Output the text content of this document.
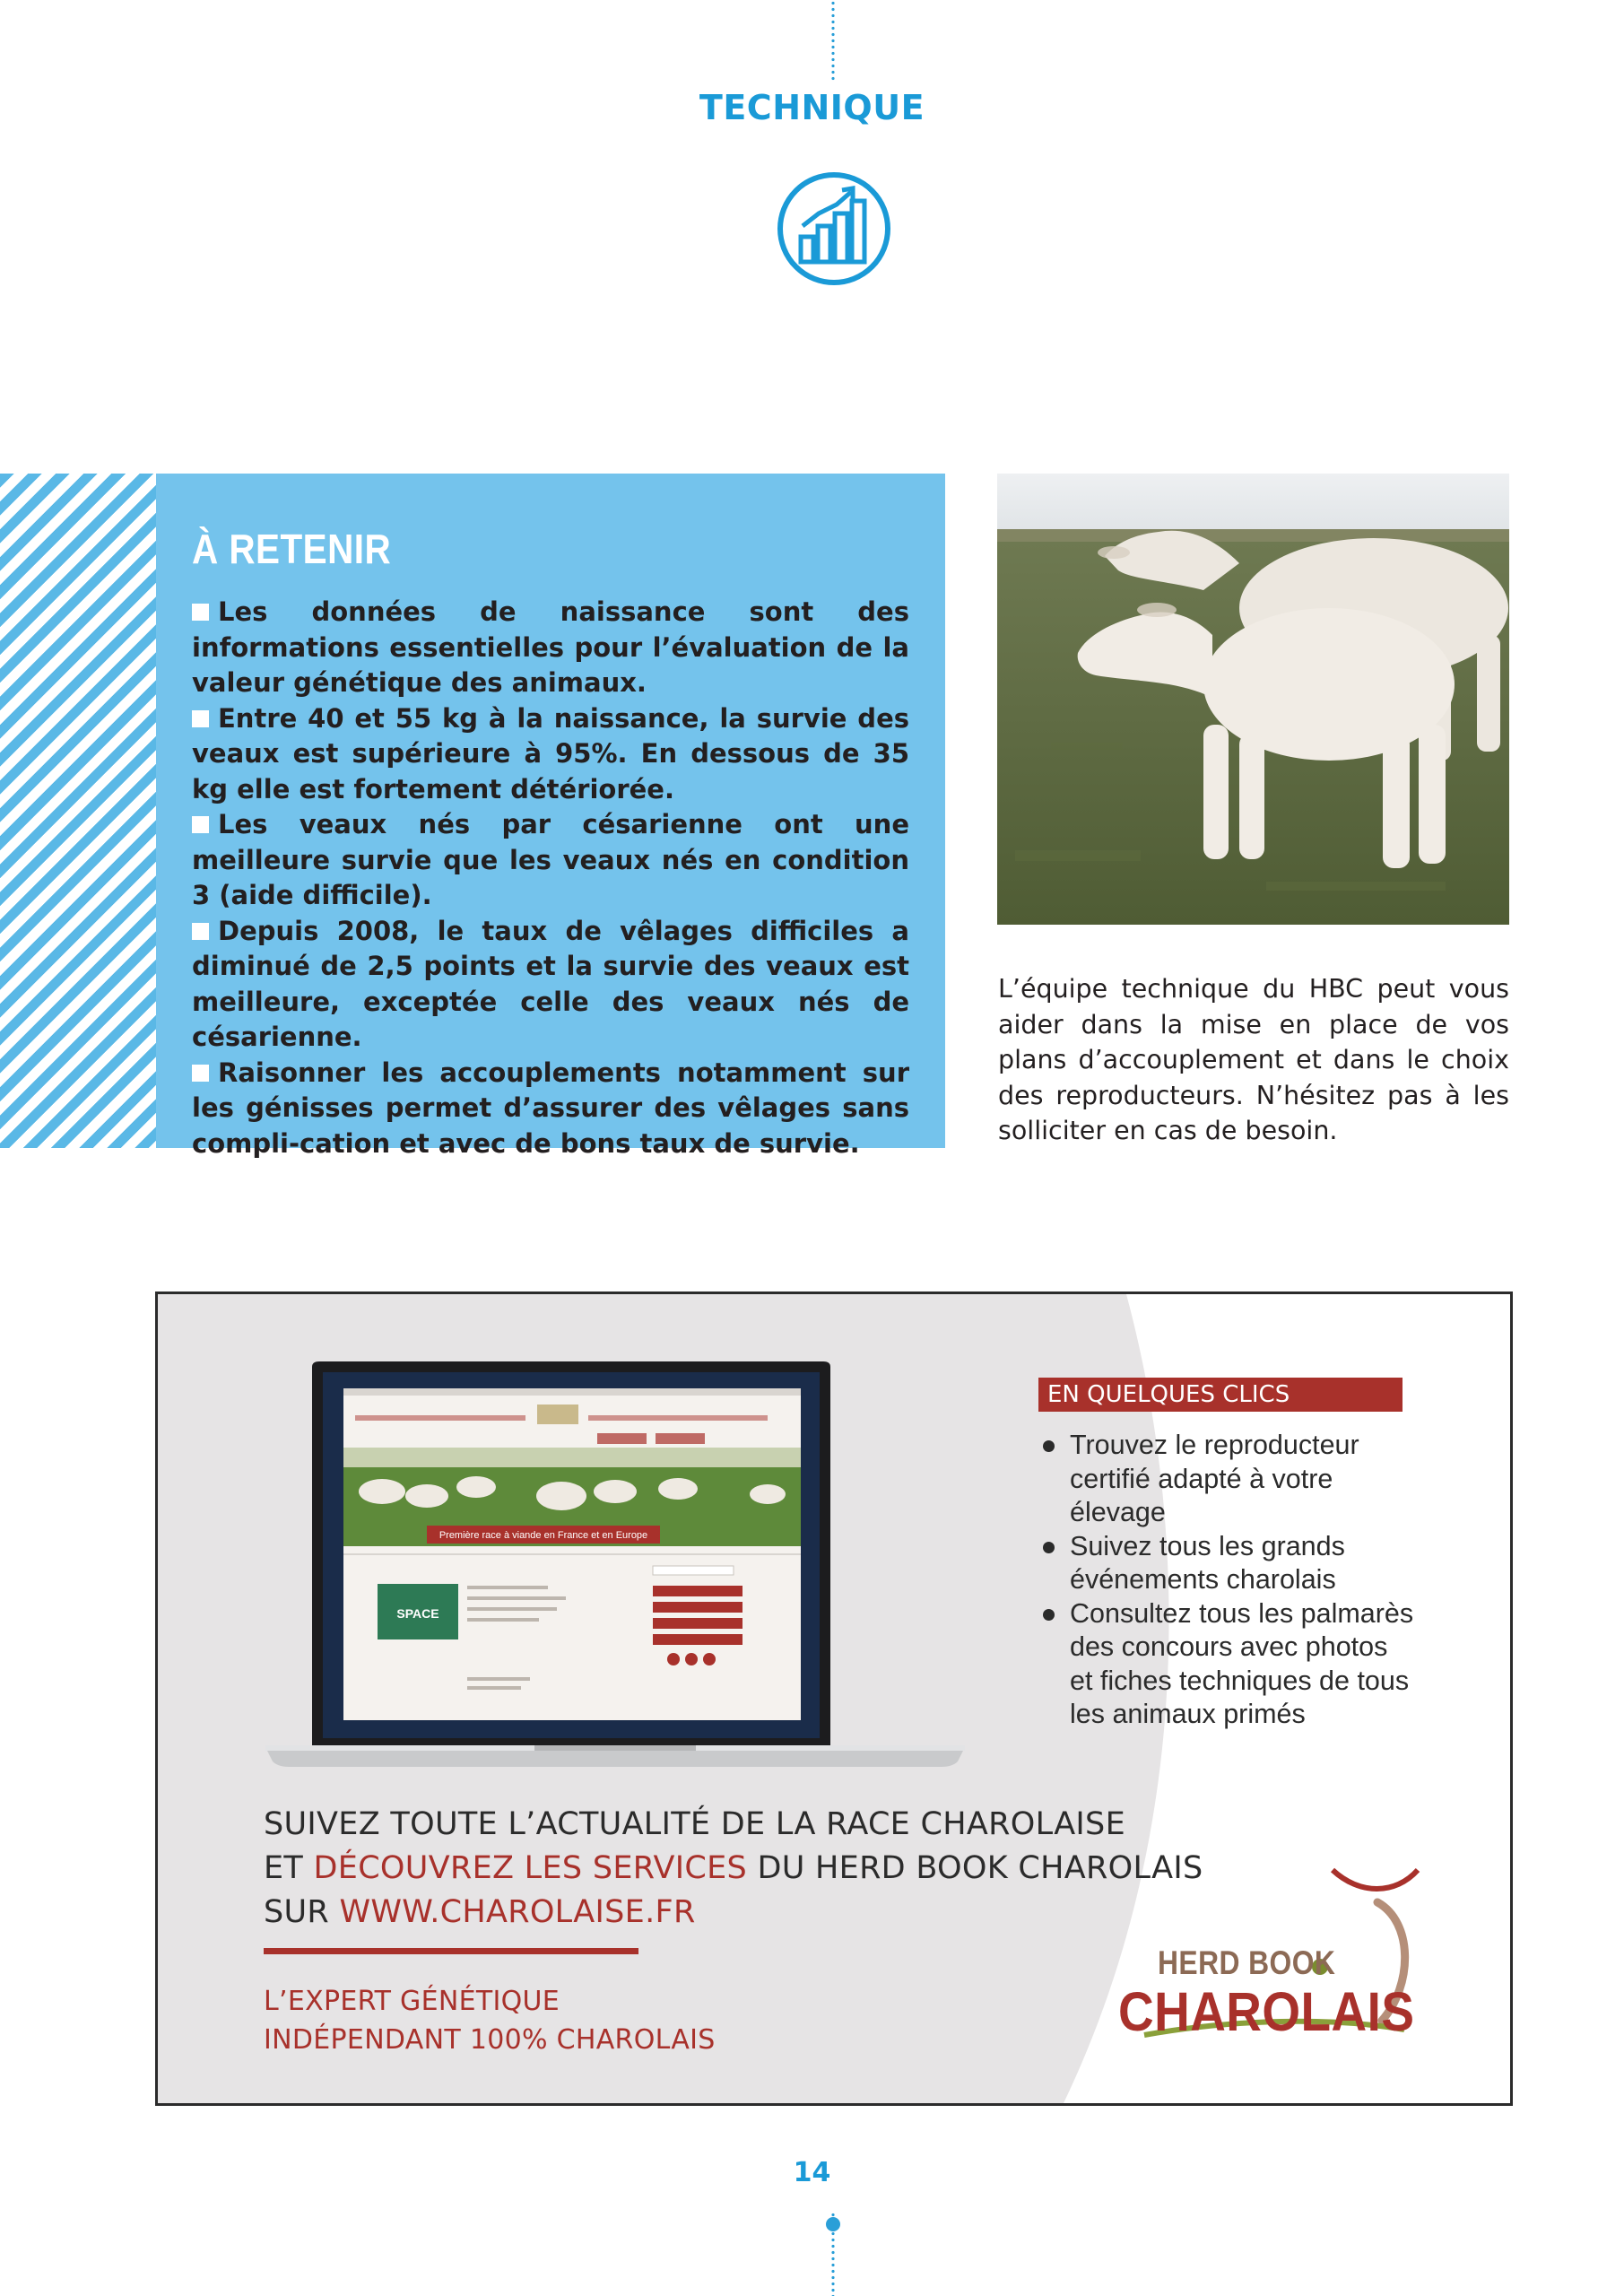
TECHNIQUE
À RETENIR
Les données de naissance sont des informations essentielles pour l’évaluation de la valeur génétique des animaux.
Entre 40 et 55 kg à la naissance, la survie des veaux est supérieure à 95%. En dessous de 35 kg elle est fortement détériorée.
Les veaux nés par césarienne ont une meilleure survie que les veaux nés en condition 3 (aide difficile).
Depuis 2008, le taux de vêlages difficiles a diminué de 2,5 points et la survie des veaux est meilleure, exceptée celle des veaux nés de césarienne.
Raisonner les accouplements notamment sur les génisses permet d’assurer des vêlages sans compli-cation et avec de bons taux de survie.
L’équipe technique du HBC peut vous aider dans la mise en place de vos plans d’accouplement et dans le choix des reproducteurs. N’hésitez pas à les solliciter en cas de besoin.
Première race à viande en France et en Europe
SPACE
EN QUELQUES CLICS
Trouvez le reproducteur certifié adapté à votre élevage
Suivez tous les grands événements charolais
Consultez tous les palmarès des concours avec photos et fiches techniques de tous les animaux primés
SUIVEZ TOUTE L’ACTUALITÉ DE LA RACE CHAROLAISE
ET DÉCOUVREZ LES SERVICES DU HERD BOOK CHAROLAIS
SUR WWW.CHAROLAISE.FR
L’EXPERT GÉNÉTIQUE
INDÉPENDANT 100% CHAROLAIS
HERD BOOK
CHAROLAIS
14
